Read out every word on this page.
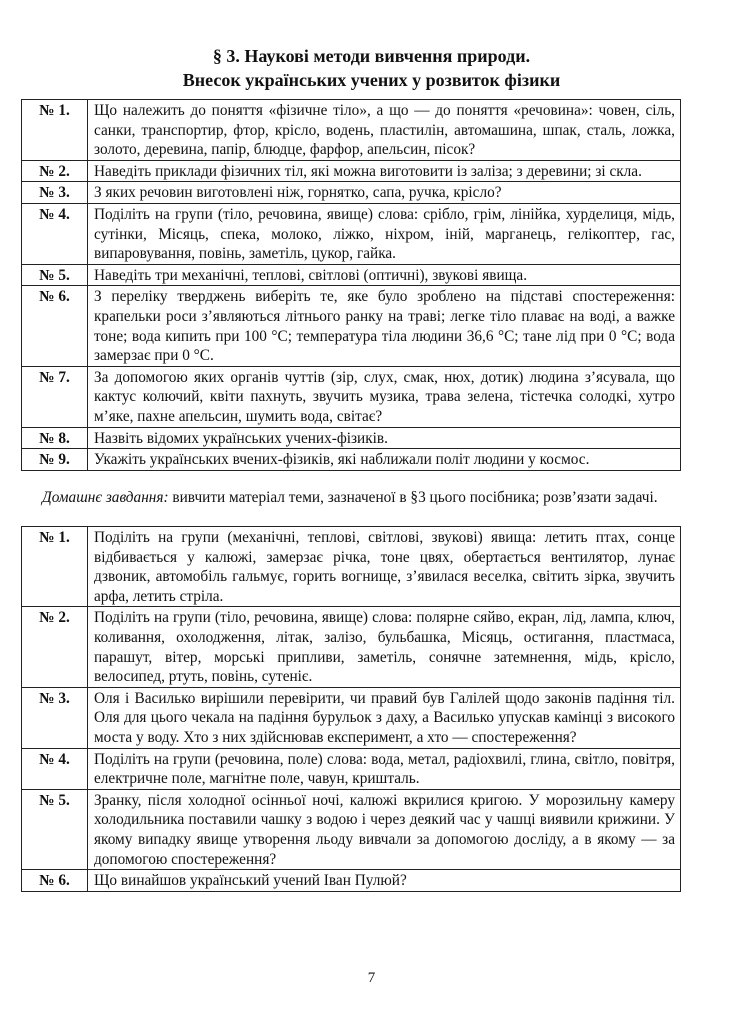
§ 3. Наукові методи вивчення природи.
Внесок українських учених у розвиток фізики
№ 1.	Що належить до поняття «фізичне тіло», а що — до поняття «речовина»: човен, сіль, санки, транспортир, фтор, крісло, водень, пластилін, автомашина, шпак, сталь, ложка, золото, деревина, папір, блюдце, фарфор, апельсин, пісок?
№ 2.	Наведіть приклади фізичних тіл, які можна виготовити із заліза; з деревини; зі скла.
№ 3.	З яких речовин виготовлені ніж, горнятко, сапа, ручка, крісло?
№ 4.	Поділіть на групи (тіло, речовина, явище) слова: срібло, грім, лінійка, хурделиця, мідь, сутінки, Місяць, спека, молоко, ліжко, ніхром, іній, марганець, гелікоптер, гас, випаровування, повінь, заметіль, цукор, гайка.
№ 5.	Наведіть три механічні, теплові, світлові (оптичні), звукові явища.
№ 6.	З переліку тверджень виберіть те, яке було зроблено на підставі спостереження: крапельки роси з’являються літнього ранку на траві; легке тіло плаває на воді, а важке тоне; вода кипить при 100 °С; температура тіла людини 36,6 °С; тане лід при 0 °С; вода замерзає при 0 °С.
№ 7.	За допомогою яких органів чуттів (зір, слух, смак, нюх, дотик) людина з’ясувала, що кактус колючий, квіти пахнуть, звучить музика, трава зелена, тістечка солодкі, хутро м’яке, пахне апельсин, шумить вода, світає?
№ 8.	Назвіть відомих українських учених-фізиків.
№ 9.	Укажіть українських вчених-фізиків, які наближали політ людини у космос.
Домашнє завдання: вивчити матеріал теми, зазначеної в §3 цього посібника; розв’язати задачі.
№ 1.	Поділіть на групи (механічні, теплові, світлові, звукові) явища: летить птах, сонце відбивається у калюжі, замерзає річка, тоне цвях, обертається вентилятор, лунає дзвоник, автомобіль гальмує, горить вогнище, з’явилася веселка, світить зірка, звучить арфа, летить стріла.
№ 2.	Поділіть на групи (тіло, речовина, явище) слова: полярне сяйво, екран, лід, лампа, ключ, коливання, охолодження, літак, залізо, бульбашка, Місяць, остигання, пластмаса, парашут, вітер, морські припливи, заметіль, сонячне затемнення, мідь, крісло, велосипед, ртуть, повінь, сутеніє.
№ 3.	Оля і Василько вирішили перевірити, чи правий був Галілей щодо законів падіння тіл. Оля для цього чекала на падіння бурульок з даху, а Василько упускав камінці з високого моста у воду. Хто з них здійснював експеримент, а хто — спостереження?
№ 4.	Поділіть на групи (речовина, поле) слова: вода, метал, радіохвилі, глина, світло, повітря, електричне поле, магнітне поле, чавун, кришталь.
№ 5.	Зранку, після холодної осінньої ночі, калюжі вкрилися кригою. У морозильну камеру холодильника поставили чашку з водою і через деякий час у чашці виявили крижини. У якому випадку явище утворення льоду вивчали за допомогою досліду, а в якому — за допомогою спостереження?
№ 6.	Що винайшов український учений Іван Пулюй?
7
